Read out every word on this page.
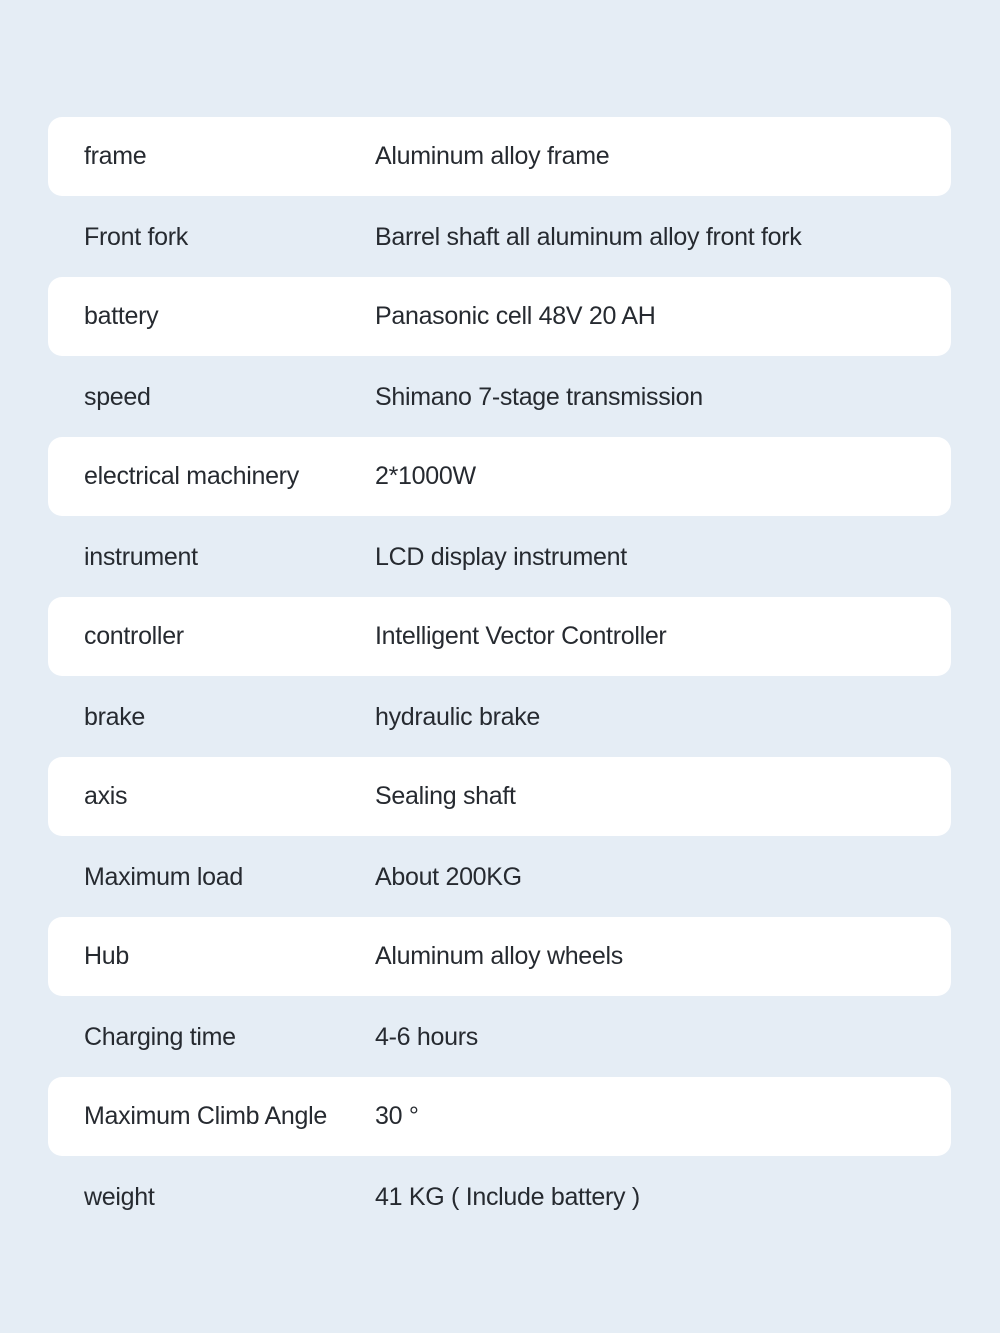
frame	Aluminum alloy frame
Front fork	Barrel shaft all aluminum alloy front fork
battery	Panasonic cell 48V 20 AH
speed	Shimano 7-stage transmission
electrical machinery	2*1000W
instrument	LCD display instrument
controller	Intelligent Vector Controller
brake	hydraulic brake
axis	Sealing shaft
Maximum load	About 200KG
Hub	Aluminum alloy wheels
Charging time	4-6 hours
Maximum Climb Angle	30 °
weight	41 KG ( Include battery )
